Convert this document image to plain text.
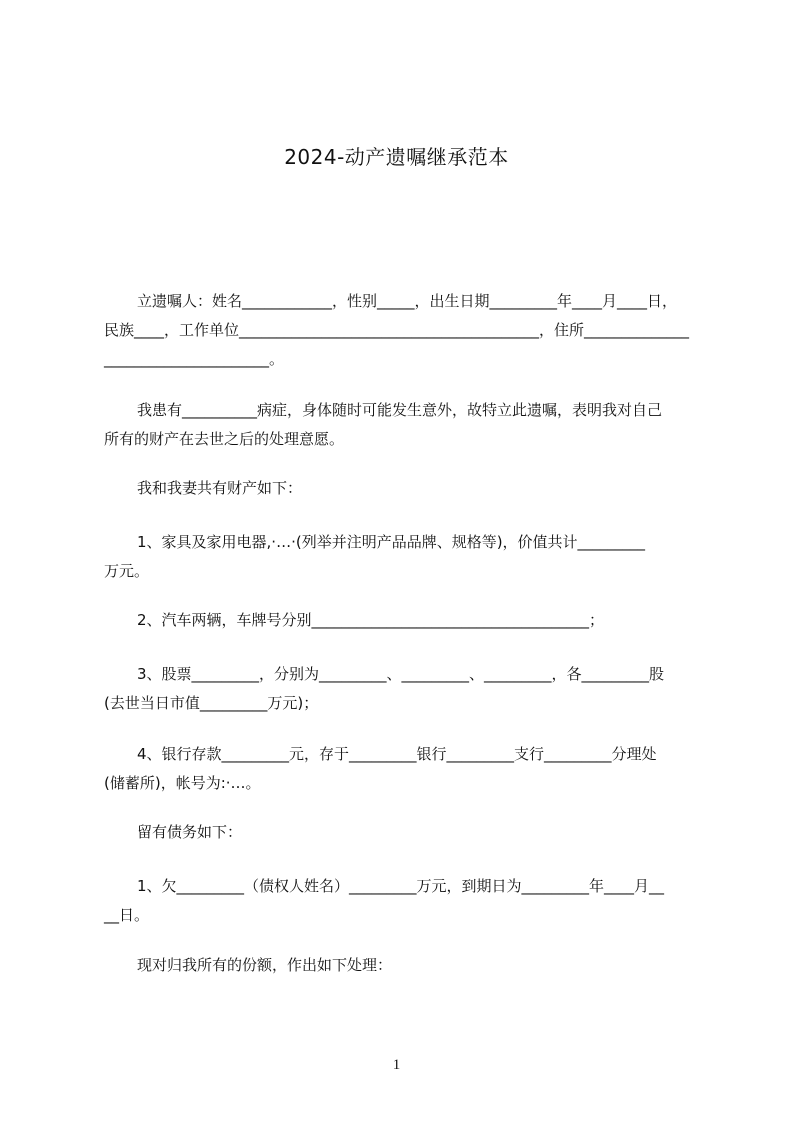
2024-动产遗嘱继承范本
立遗嘱人：姓名____________，性别_____，出生日期_________年____月____日，
民族____，工作单位________________________________________，住所______________
______________________。
我患有__________病症，身体随时可能发生意外，故特立此遗嘱，表明我对自己
所有的财产在去世之后的处理意愿。
我和我妻共有财产如下：
1、家具及家用电器,·…·(列举并注明产品品牌、规格等)，价值共计_________
万元。
2、汽车两辆，车牌号分别_____________________________________；
3、股票_________，分别为_________、_________、_________，各_________股
(去世当日市值_________万元)；
4、银行存款_________元，存于_________银行_________支行_________分理处
(储蓄所)，帐号为:·…。
留有债务如下：
1、欠_________（债权人姓名）_________万元，到期日为_________年____月__
__日。
现对归我所有的份额，作出如下处理：
1
